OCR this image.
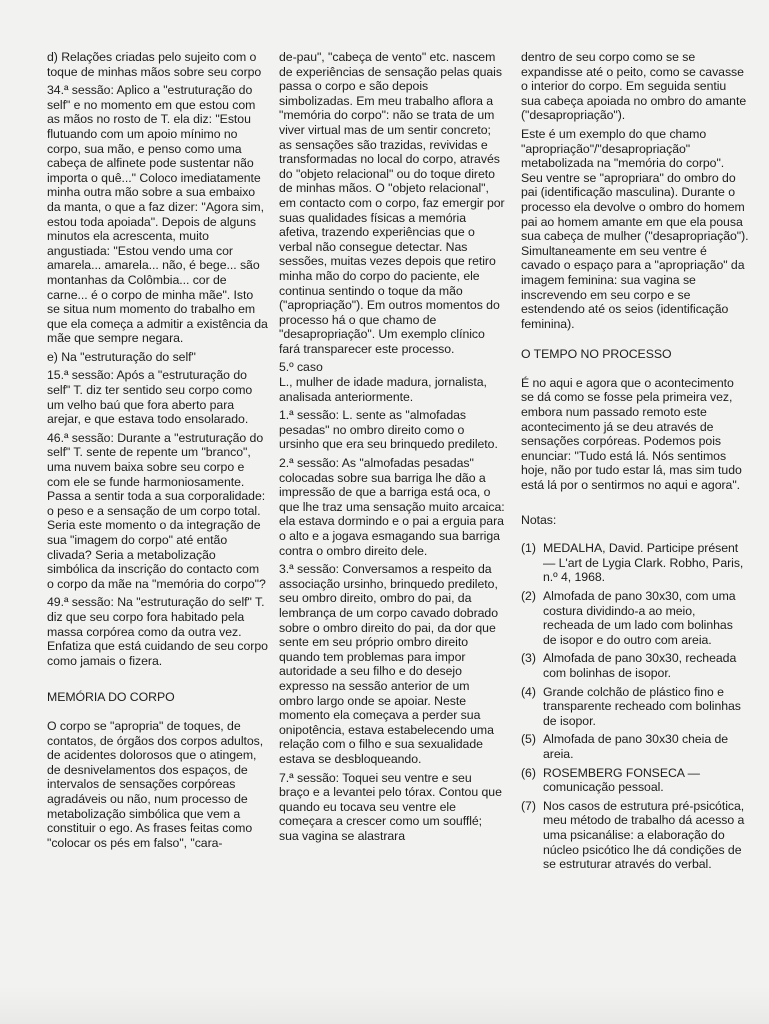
d) Relações criadas pelo sujeito com o toque de minhas mãos sobre seu corpo

34.ª sessão: Aplico a "estruturação do self" e no momento em que estou com as mãos no rosto de T. ela diz: "Estou flutuando com um apoio mínimo no corpo, sua mão, e penso como uma cabeça de alfinete pode sustentar não importa o quê..." Coloco imediatamente minha outra mão sobre a sua embaixo da manta, o que a faz dizer: "Agora sim, estou toda apoiada". Depois de alguns minutos ela acrescenta, muito angustiada: "Estou vendo uma cor amarela... amarela... não, é bege... são montanhas da Colômbia... cor de carne... é o corpo de minha mãe". Isto se situa num momento do trabalho em que ela começa a admitir a existência da mãe que sempre negara.

e) Na "estruturação do self"

15.ª sessão: Após a "estruturação do self" T. diz ter sentido seu corpo como um velho baú que fora aberto para arejar, e que estava todo ensolarado.

46.ª sessão: Durante a "estruturação do self" T. sente de repente um "branco", uma nuvem baixa sobre seu corpo e com ele se funde harmoniosamente. Passa a sentir toda a sua corporalidade: o peso e a sensação de um corpo total. Seria este momento o da integração de sua "imagem do corpo" até então clivada? Seria a metabolização simbólica da inscrição do contacto com o corpo da mãe na "memória do corpo"?

49.ª sessão: Na "estruturação do self" T. diz que seu corpo fora habitado pela massa corpórea como da outra vez. Enfatiza que está cuidando de seu corpo como jamais o fizera.

MEMÓRIA DO CORPO

O corpo se "apropria" de toques, de contatos, de órgãos dos corpos adultos, de acidentes dolorosos que o atingem, de desnivelamentos dos espaços, de intervalos de sensações corpóreas agradáveis ou não, num processo de metabolização simbólica que vem a constituir o ego. As frases feitas como "colocar os pés em falso", "cara-

de-pau", "cabeça de vento" etc. nascem de experiências de sensação pelas quais passa o corpo e são depois simbolizadas. Em meu trabalho aflora a "memória do corpo": não se trata de um viver virtual mas de um sentir concreto; as sensações são trazidas, revividas e transformadas no local do corpo, através do "objeto relacional" ou do toque direto de minhas mãos. O "objeto relacional", em contacto com o corpo, faz emergir por suas qualidades físicas a memória afetiva, trazendo experiências que o verbal não consegue detectar. Nas sessões, muitas vezes depois que retiro minha mão do corpo do paciente, ele continua sentindo o toque da mão ("apropriação"). Em outros momentos do processo há o que chamo de "desapropriação". Um exemplo clínico fará transparecer este processo.

5.º caso

L., mulher de idade madura, jornalista, analisada anteriormente.

1.ª sessão: L. sente as "almofadas pesadas" no ombro direito como o ursinho que era seu brinquedo predileto.

2.ª sessão: As "almofadas pesadas" colocadas sobre sua barriga lhe dão a impressão de que a barriga está oca, o que lhe traz uma sensação muito arcaica: ela estava dormindo e o pai a erguia para o alto e a jogava esmagando sua barriga contra o ombro direito dele.

3.ª sessão: Conversamos a respeito da associação ursinho, brinquedo predileto, seu ombro direito, ombro do pai, da lembrança de um corpo cavado dobrado sobre o ombro direito do pai, da dor que sente em seu próprio ombro direito quando tem problemas para impor autoridade a seu filho e do desejo expresso na sessão anterior de um ombro largo onde se apoiar. Neste momento ela começava a perder sua onipotência, estava estabelecendo uma relação com o filho e sua sexualidade estava se desbloqueando.

7.ª sessão: Toquei seu ventre e seu braço e a levantei pelo tórax. Contou que quando eu tocava seu ventre ele começara a crescer como um soufflé; sua vagina se alastrara

dentro de seu corpo como se se expandisse até o peito, como se cavasse o interior do corpo. Em seguida sentiu sua cabeça apoiada no ombro do amante ("desapropriação").

Este é um exemplo do que chamo "apropriação"/"desapropriação" metabolizada na "memória do corpo". Seu ventre se "apropriara" do ombro do pai (identificação masculina). Durante o processo ela devolve o ombro do homem pai ao homem amante em que ela pousa sua cabeça de mulher ("desapropriação"). Simultaneamente em seu ventre é cavado o espaço para a "apropriação" da imagem feminina: sua vagina se inscrevendo em seu corpo e se estendendo até os seios (identificação feminina).

O TEMPO NO PROCESSO

É no aqui e agora que o acontecimento se dá como se fosse pela primeira vez, embora num passado remoto este acontecimento já se deu através de sensações corpóreas. Podemos pois enunciar: "Tudo está lá. Nós sentimos hoje, não por tudo estar lá, mas sim tudo está lá por o sentirmos no aqui e agora".

Notas:

(1) MEDALHA, David. Participe présent — L'art de Lygia Clark. Robho, Paris, n.º 4, 1968.
(2) Almofada de pano 30x30, com uma costura dividindo-a ao meio, recheada de um lado com bolinhas de isopor e do outro com areia.
(3) Almofada de pano 30x30, recheada com bolinhas de isopor.
(4) Grande colchão de plástico fino e transparente recheado com bolinhas de isopor.
(5) Almofada de pano 30x30 cheia de areia.
(6) ROSEMBERG FONSECA — comunicação pessoal.
(7) Nos casos de estrutura pré-psicótica, meu método de trabalho dá acesso a uma psicanálise: a elaboração do núcleo psicótico lhe dá condições de se estruturar através do verbal.
